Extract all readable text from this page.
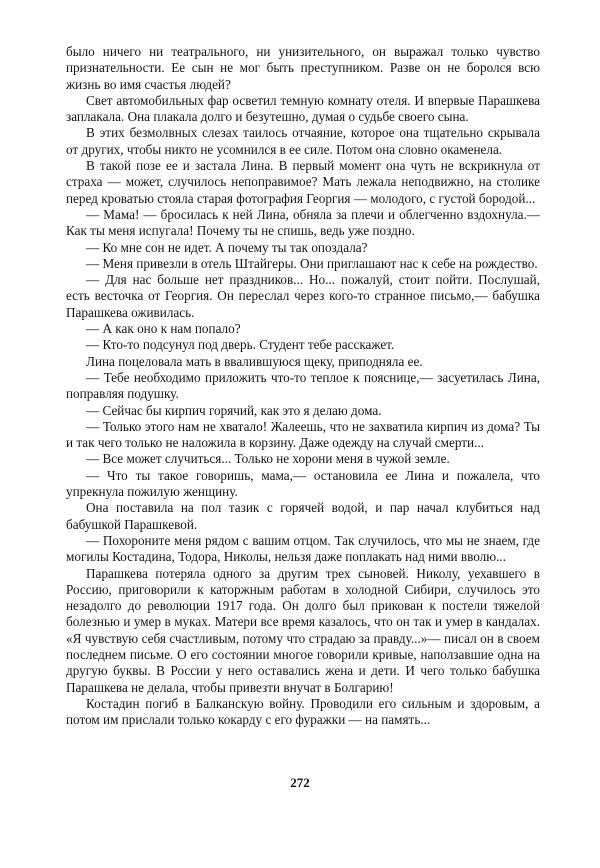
было ничего ни театрального, ни унизительного, он выражал только чувство признательности. Ее сын не мог быть преступником. Разве он не боролся всю жизнь во имя счастья людей?

Свет автомобильных фар осветил темную комнату отеля. И впервые Парашкева заплакала. Она плакала долго и безутешно, думая о судьбе своего сына.

В этих безмолвных слезах таилось отчаяние, которое она тщательно скрывала от других, чтобы никто не усомнился в ее силе. Потом она словно окаменела.

В такой позе ее и застала Лина. В первый момент она чуть не вскрикнула от страха — может, случилось непоправимое? Мать лежала неподвижно, на столике перед кроватью стояла старая фотография Георгия — молодого, с густой бородой...

— Мама! — бросилась к ней Лина, обняла за плечи и облегченно вздохнула.— Как ты меня испугала! Почему ты не спишь, ведь уже поздно.

— Ко мне сон не идет. А почему ты так опоздала?

— Меня привезли в отель Штайгеры. Они приглашают нас к себе на рождество.

— Для нас больше нет праздников... Но... пожалуй, стоит пойти. Послушай, есть весточка от Георгия. Он переслал через кого-то странное письмо,— бабушка Парашкева оживилась.

— А как оно к нам попало?

— Кто-то подсунул под дверь. Студент тебе расскажет.

Лина поцеловала мать в ввалившуюся щеку, приподняла ее.

— Тебе необходимо приложить что-то теплое к пояснице,— засуетилась Лина, поправляя подушку.

— Сейчас бы кирпич горячий, как это я делаю дома.

— Только этого нам не хватало! Жалеешь, что не захватила кирпич из дома? Ты и так чего только не наложила в корзину. Даже одежду на случай смерти...

— Все может случиться... Только не хорони меня в чужой земле.

— Что ты такое говоришь, мама,— остановила ее Лина и пожалела, что упрекнула пожилую женщину.

Она поставила на пол тазик с горячей водой, и пар начал клубиться над бабушкой Парашкевой.

— Похороните меня рядом с вашим отцом. Так случилось, что мы не знаем, где могилы Костадина, Тодора, Николы, нельзя даже поплакать над ними вволю...

Парашкева потеряла одного за другим трех сыновей. Николу, уехавшего в Россию, приговорили к каторжным работам в холодной Сибири, случилось это незадолго до революции 1917 года. Он долго был прикован к постели тяжелой болезнью и умер в муках. Матери все время казалось, что он так и умер в кандалах. «Я чувствую себя счастливым, потому что страдаю за правду...»— писал он в своем последнем письме. О его состоянии многое говорили кривые, наползавшие одна на другую буквы. В России у него оставались жена и дети. И чего только бабушка Парашкева не делала, чтобы привезти внучат в Болгарию!

Костадин погиб в Балканскую войну. Проводили его сильным и здоровым, а потом им прислали только кокарду с его фуражки — на память...

272
